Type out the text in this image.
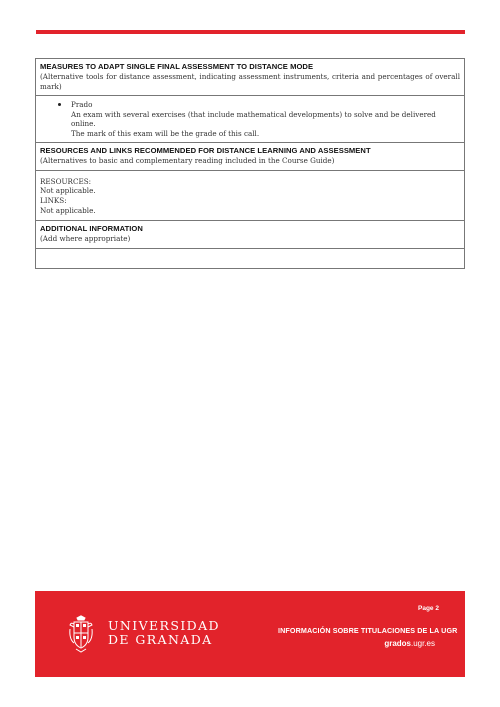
MEASURES TO ADAPT SINGLE FINAL ASSESSMENT TO DISTANCE MODE
(Alternative tools for distance assessment, indicating assessment instruments, criteria and percentages of overall mark)
Prado
An exam with several exercises (that include mathematical developments) to solve and be delivered online.
The mark of this exam will be the grade of this call.
RESOURCES AND LINKS RECOMMENDED FOR DISTANCE LEARNING AND ASSESSMENT
(Alternatives to basic and complementary reading included in the Course Guide)
RESOURCES:
Not applicable.
LINKS:
Not applicable.
ADDITIONAL INFORMATION
(Add where appropriate)
UNIVERSIDAD
DE GRANADA
Page 2
INFORMACIÓN SOBRE TITULACIONES DE LA UGR
grados.ugr.es
